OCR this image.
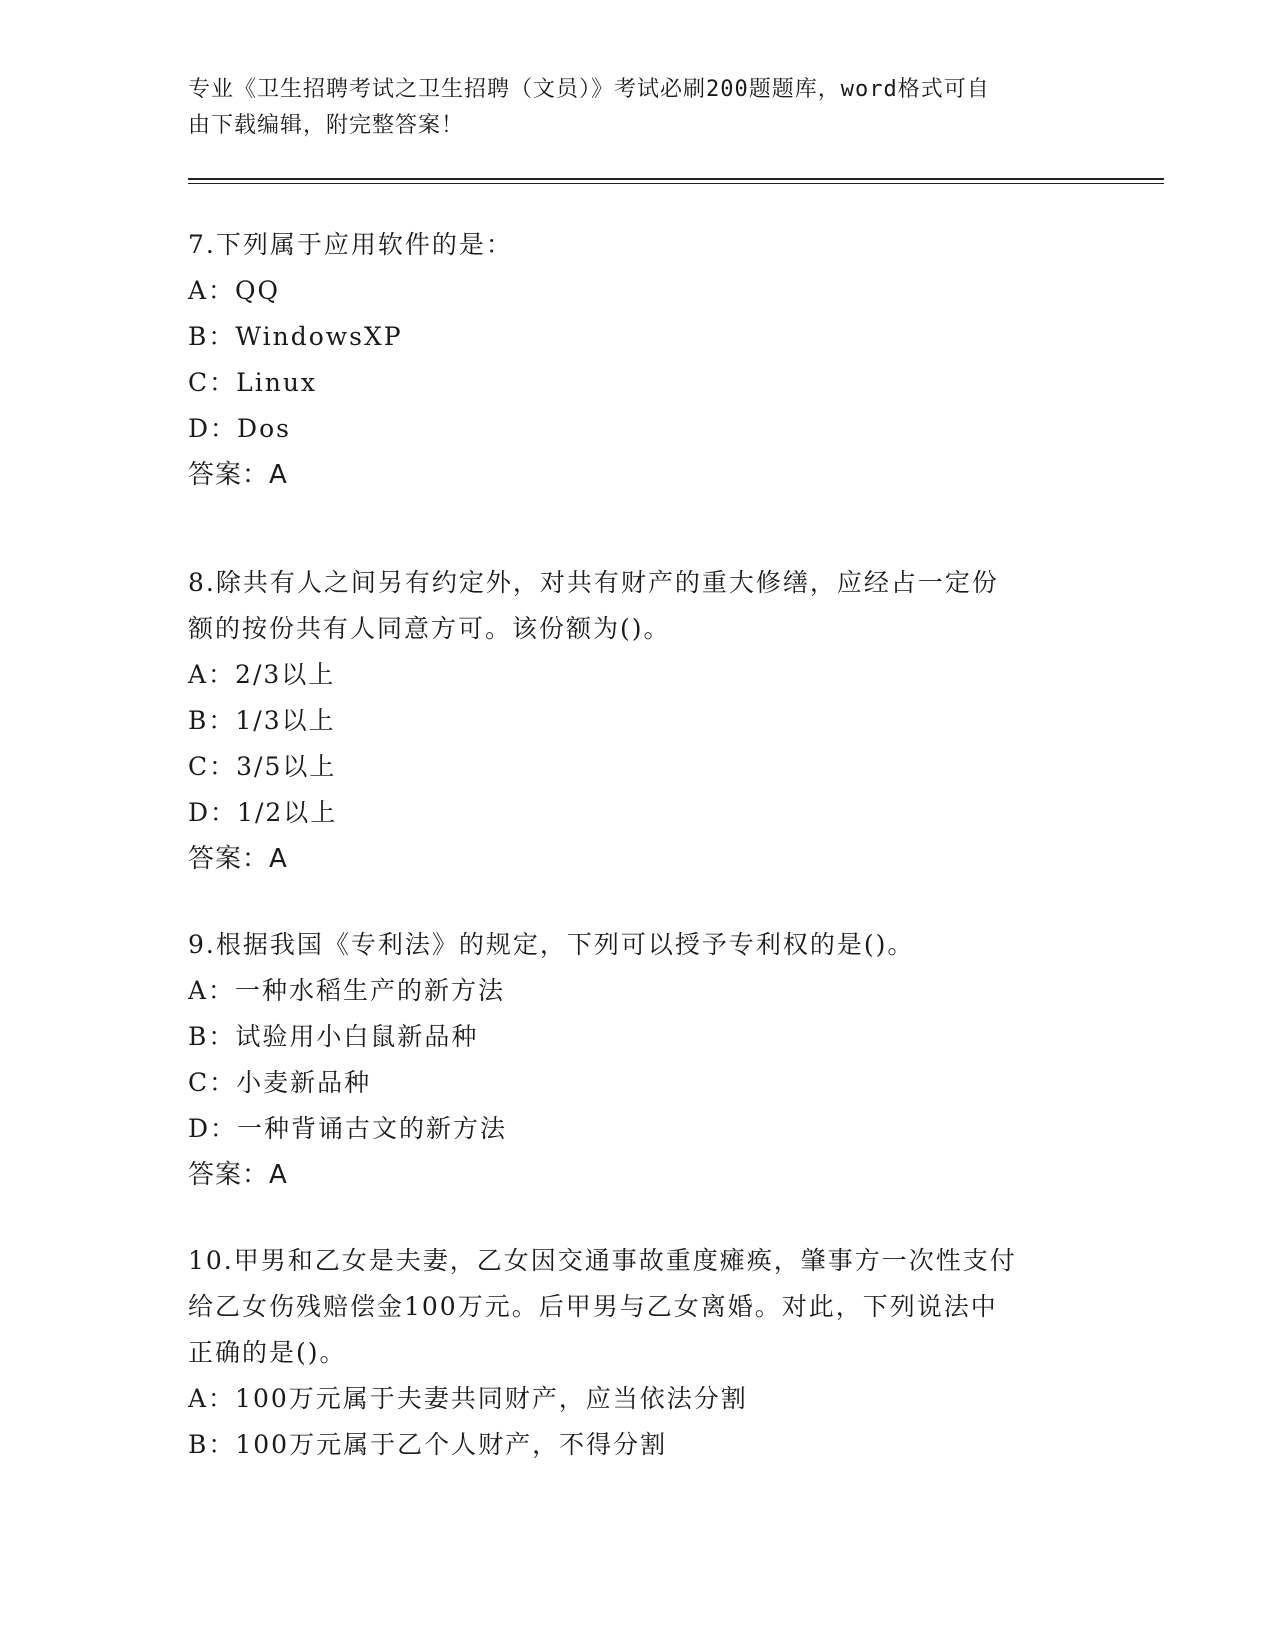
专业《卫生招聘考试之卫生招聘（文员）》考试必刷200题题库，word格式可自
由下载编辑，附完整答案！
7.下列属于应用软件的是：
A：QQ
B：WindowsXP
C：Linux
D：Dos
答案：A
8.除共有人之间另有约定外，对共有财产的重大修缮，应经占一定份
额的按份共有人同意方可。该份额为()。
A：2/3以上
B：1/3以上
C：3/5以上
D：1/2以上
答案：A
9.根据我国《专利法》的规定，下列可以授予专利权的是()。
A：一种水稻生产的新方法
B：试验用小白鼠新品种
C：小麦新品种
D：一种背诵古文的新方法
答案：A
10.甲男和乙女是夫妻，乙女因交通事故重度瘫痪，肇事方一次性支付
给乙女伤残赔偿金100万元。后甲男与乙女离婚。对此，下列说法中
正确的是()。
A：100万元属于夫妻共同财产，应当依法分割
B：100万元属于乙个人财产，不得分割
